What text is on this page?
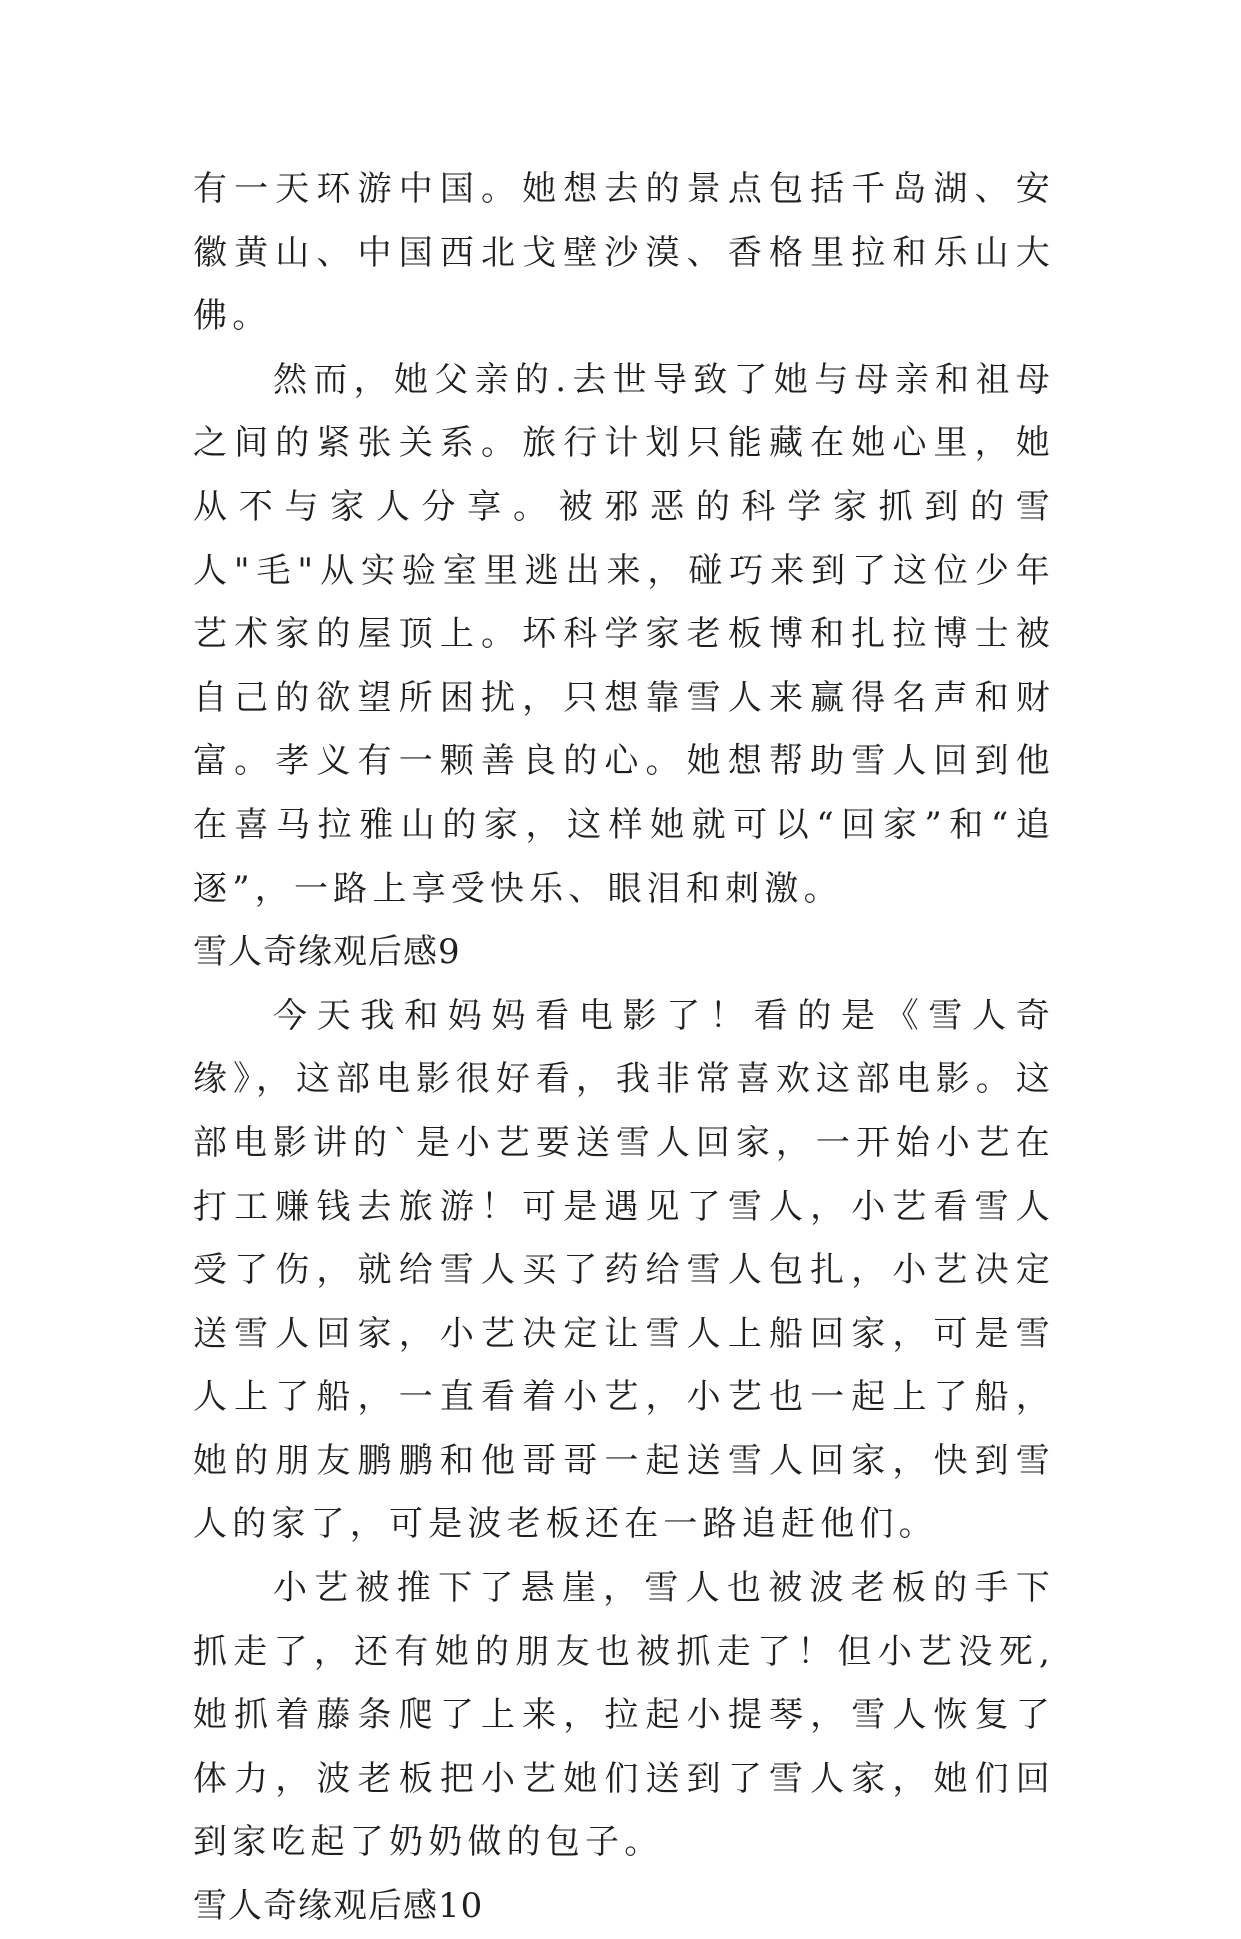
有一天环游中国。她想去的景点包括千岛湖、安徽黄山、中国西北戈壁沙漠、香格里拉和乐山大佛。

然而，她父亲的.去世导致了她与母亲和祖母之间的紧张关系。旅行计划只能藏在她心里，她从不与家人分享。被邪恶的科学家抓到的雪人"毛"从实验室里逃出来，碰巧来到了这位少年艺术家的屋顶上。坏科学家老板博和扎拉博士被自己的欲望所困扰，只想靠雪人来赢得名声和财富。孝义有一颗善良的心。她想帮助雪人回到他在喜马拉雅山的家，这样她就可以“回家”和“追逐”，一路上享受快乐、眼泪和刺激。

雪人奇缘观后感9

今天我和妈妈看电影了！看的是《雪人奇缘》，这部电影很好看，我非常喜欢这部电影。这部电影讲的`是小艺要送雪人回家，一开始小艺在打工赚钱去旅游！可是遇见了雪人，小艺看雪人受了伤，就给雪人买了药给雪人包扎，小艺决定送雪人回家，小艺决定让雪人上船回家，可是雪人上了船，一直看着小艺，小艺也一起上了船，她的朋友鹏鹏和他哥哥一起送雪人回家，快到雪人的家了，可是波老板还在一路追赶他们。

小艺被推下了悬崖，雪人也被波老板的手下抓走了，还有她的朋友也被抓走了！但小艺没死,她抓着藤条爬了上来，拉起小提琴，雪人恢复了体力，波老板把小艺她们送到了雪人家，她们回到家吃起了奶奶做的包子。

雪人奇缘观后感10
